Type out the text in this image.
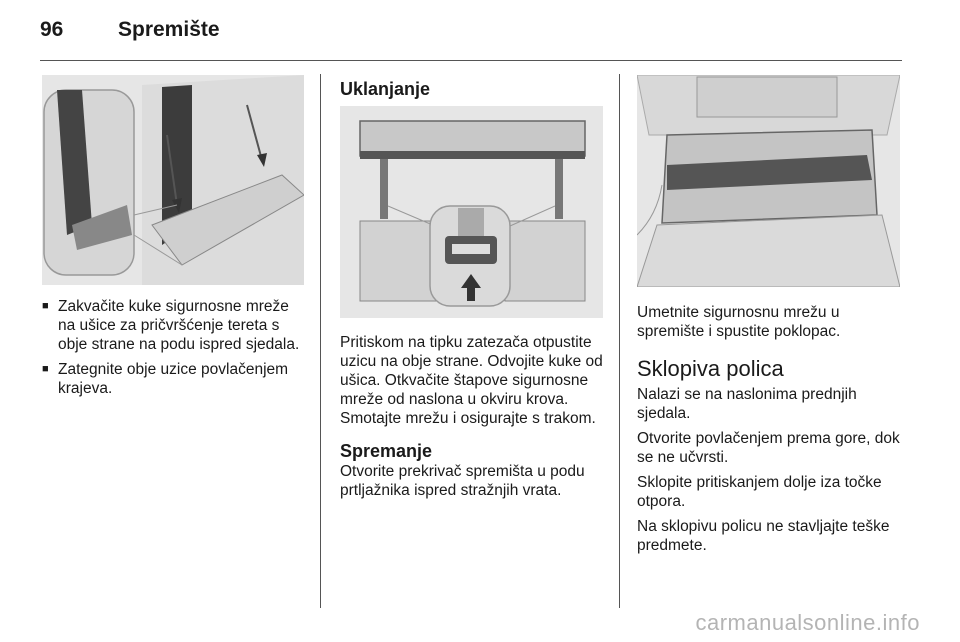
96	Spremište
■ Zakvačite kuke sigurnosne mreže na ušice za pričvršćenje tereta s obje strane na podu ispred sjedala.
■ Zategnite obje uzice povlačenjem krajeva.
Uklanjanje

Pritiskom na tipku zatezača otpustite uzicu na obje strane. Odvojite kuke od ušica. Otkvačite štapove sigurnosne mreže od naslona u okviru krova. Smotajte mrežu i osigurajte s trakom.

Spremanje

Otvorite prekrivač spremišta u podu prtljažnika ispred stražnjih vrata.

Umetnite sigurnosnu mrežu u spremište i spustite poklopac.

Sklopiva polica

Nalazi se na naslonima prednjih sjedala.

Otvorite povlačenjem prema gore, dok se ne učvrsti.

Sklopite pritiskanjem dolje iza točke otpora.

Na sklopivu policu ne stavljajte teške predmete.

carmanualsonline.info
